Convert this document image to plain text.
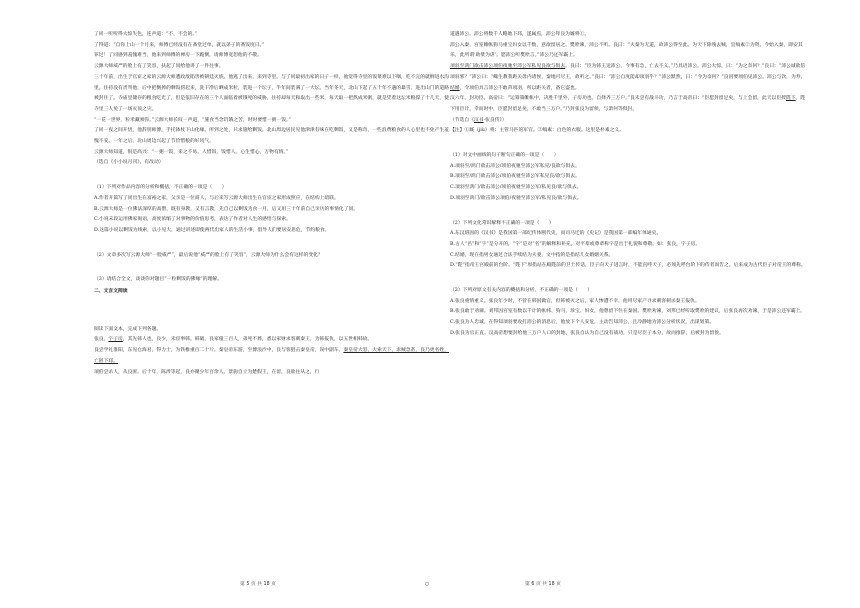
了同一听听得大惊失色，连声道：“不，不会的。”

了得道：“自你上山一个月来，师傅已经没有在斋堂过单，就以弟子的斋饭度日。”

罪过！了同感到羞愧难当，他来到师傅的禅房一下跪倒，请师傅宽恕他的不敬。

云源大师威严的脸上有了笑容，扶起了同给他讲了一件往事。

三十年前，出生于官宦之家的云源大师遭政敌陷害被朝廷灭族。他逃了出来，来到寺里。与了同最初出家的日子一样，他觉得寺里的饭菜难以下咽，吃不完的就倒进水沟里。住持没有责骂他，后中把倒掉的剩饭捞起来，洗干净后晒成米粒，装进一个坛子，半年间装满了一大坛。当年冬天，北山下起了五十年不遇的暴雪，进出山门的道路被封住了。寺庙里储存的粮食吃光了，但是依旧存在的三个人面临着被饿死的威胁，住持却每天和取出一些米，每天取一把熬成米粥，就是凭着这坛米粮撑了十几天，使寺里三人免了一场灭顶之灾。

“一花一世界，粒米藏须弥。”云源大师长叹一声道，“施食当念饥饿之苦，时时要惜一粥一饭。”

了同一夜之间开悟，他辞别师傅，手托钵杖下山化缘。所到之处，只求施给剩饭。北山周边居民见他津津有味在吃剩饭，又是称奇，一些浪费粮食的人心里也不免产生羞愧不安。一年之后，北山周边兴起了节俭惜粮的好风气。

云源大师知道，很是高兴：“一粥一饭，来之不易。人惜饭，饭惜人。心生惜心，万物有情。”

（选自《小小说月刊》，有改动）

（1）下列对作品内容的分析和概括，不正确的一项是（　　）

A.作者开篇写了同出生在富裕之家，父亲是一位商人，与后来写云源大师出生在官宦之家形成照应，在结构上暗联。

B.云源大师是一位佛法深厚的高僧，既有身教，又有言教，先自己以剩饭为食一月，后又用三十年前自己亲历的事情化了同。

C.小说末段运用佛家偈语，高度浓缩了对事物的价值思考，表达了作者对人生的感悟与探索。

D.这篇小说以剩饭为线索，以小见大，通过讲述即使两代出家人的生活小事，倡导人们要居安思危，节约粮食。

（2）文章多次写云源大师“一脸威严”，最后说他“威严的脸上有了笑容”，云源大师为什么会有这样的变化？

（3）请结合全文，谈谈你对题目“一粒剩饭的佛缘”的理解。

二、文言文阅读

阅读下面文本，完成下列各题。

张良，字子房，其先韩人也，良少，未宦事韩。韩破，良家僮三百人，弟死不葬，悉以家财求客刺秦王，为韩报仇，以五世相韩故。

良尝学礼淮阳，东见仓海君，得力士，为铁椎重百二十斤。秦皇帝东游，至博浪沙中，良与客狙击秦皇帝，误中副车。秦皇帝大怒，大索天下，求贼急甚，良乃更名姓，亡匿下邳。

项伯尝杀人，从良匿。后十年，陈涉等起，良亦聚少年百余人。景驹自立为楚假王，在留，良欲往从之，行

道遇沛公。沛公将数千人略地下邳，遂属焉，沛公拜良为厩将①。

沛公入秦，宫室帷帐狗马重宝妇女以千数，意欲留居之。樊哙谏，沛公不听。良曰：“夫秦为无道，故沛公得至此。为天下除残去贼，宜缟素②为资。今始入秦，即安其乐，此所谓‘助桀为虐’。愿沛公听樊哙言。”沛公乃还军霸上。

项羽至鸿门欲击沛公项伯夜驰至沛公军私见良欲与俱去。良曰：“臣为韩王送沛公，今事有急，亡去不义。”乃具语沛公。沛公大惊，曰：“为之奈何？”良曰：“沛公诚欲倍项羽邪？”沛公曰：“鲰生教我距关毋内诸侯，秦地可尽王，故听之。”良曰：“沛公自度能却项羽乎？”沛公默然，曰：“今为奈何？”良因要项伯见沛公。沛公与饮，为寿，结婚，令项伯具言沛公不敢背项羽，所以距关者，备它盗也。

汉六年，封功臣。高帝曰：“运筹策帷帐中，决胜千里外，子房功也。自择齐三万户。”良未尝有战斗功，乃言于高帝曰：“臣愿封留足矣，与上会留，此天以臣授陛下。陛下用臣计，幸而时中，臣愿封留足矣，不敢当三万户。”乃封张良为留侯，与萧何等俱封。

（节选自《汉书·张良传》）

【注】①厩（jiù）将：主管马匹的军官。②缟素：白色的衣服。这里是朴素之义。

（1）对文中画线的句子断句正确的一项是（　　）

A.项羽至/鸿门欲击沛公/项伯夜驰至沛公军私见/良欲与俱去。

B.项羽至/鸿门欲击沛公/项伯夜驰至沛公军私见良/欲与俱去。

C.项羽至鸿门/欲击沛公/项伯夜驰至沛公军/私见良/欲与俱去。

D.项羽至鸿门/欲击沛公项伯/夜驰至沛公军/私见良/欲与俱去。

（2）下列文化常识解释不正确的一项是（　　）

A.东汉班固的《汉书》是我国第一部纪传体断代史，而司马迁的《史记》是我国第一部编年体通史。

B.古人“名”和“字”是分开的，“字”是对“名”的解释和补充。对平辈或尊辈称字是出于礼貌和尊敬。如：张良，字子房。

C.结婚，现在指男女通过合法手续结为夫妻，文中指的是指结儿女婚姻关系。

D.“陛”指帝王宫殿前的台阶。“陛下”原指站在殿陛前的卫士传话，臣子向天子进言时，不能直呼天子，必须先呼台阶下的侍者而告之。后来成为古代臣子对帝王的尊称。

（3）下列对原文有关内容的概括和分析，不正确的一项是（　　）

A.张良重情重义。张良年少时，不曾在韩国做官，但韩被灭之后，家人惨遭不幸，他用尽家产寻求刺客刺杀秦王报仇。

B.张良敢于劝谏。刘邦因宫室有数以千计的帐帏、狗马、珍宝、妇女，他想留下住在秦国。樊哙劝谏，刘邦已经听取樊哙的建议，后张良再次劝谏，于是沛公还军霸上。

C.张良为人忠诚。在得知项羽要攻打沛公的消息后，他放下个人安危，主动告知沛公，且冷静地为沛公分析状况，出谋划策。

D.张良为官正直。汉高帝想要封给他三万户人口的封地，张良自认为自己没有战功，只是尽臣子本分，故而推辞，后被封为留侯。

第 5 页 共 18 页	○	第 6 页 共 18 页
